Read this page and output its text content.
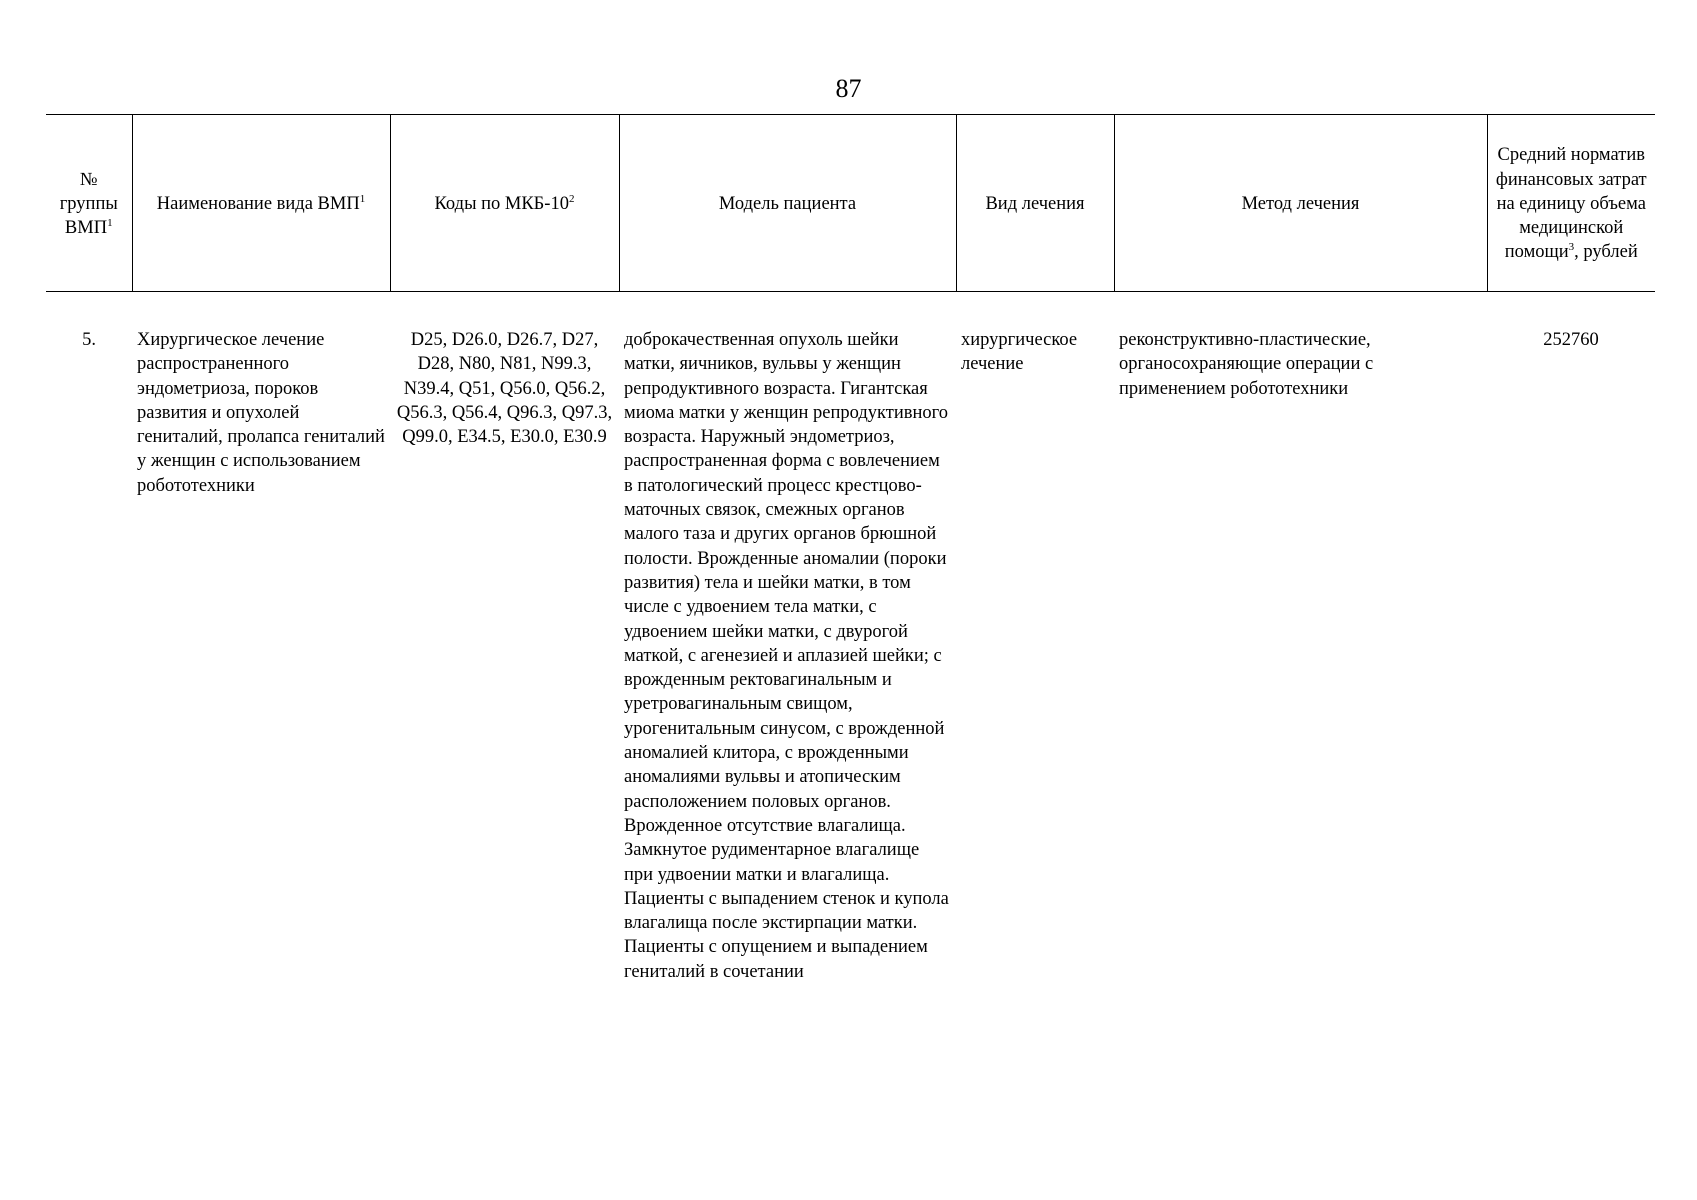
87
№ группы ВМП$^1$	Наименование вида ВМП$^1$	Коды по МКБ-$10^2$	Модель пациента	Вид лечения	Метод лечения	Средний норматив финансовых затрат на единицу объема медицинской помощи$^3$, рублей
5.	Хирургическое лечение распространенного эндометриоза, пороков развития и опухолей гениталий, пролапса гениталий у женщин с использованием робототехники	D25, D26.0, D26.7, D27, D28, N80, N81, N99.3, N39.4, Q51, Q56.0, Q56.2, Q56.3, Q56.4, Q96.3, Q97.3, Q99.0, E34.5, E30.0, E30.9	доброкачественная опухоль шейки матки, яичников, вульвы у женщин репродуктивного возраста. Гигантская миома матки у женщин репродуктивного возраста. Наружный эндометриоз, распространенная форма с вовлечением в патологический процесс крестцово-маточных связок, смежных органов малого таза и других органов брюшной полости. Врожденные аномалии (пороки развития) тела и шейки матки, в том числе с удвоением тела матки, с удвоением шейки матки, с двурогой маткой, с агенезией и аплазией шейки; с врожденным ректовагинальным и уретровагинальным свищом, урогенитальным синусом, с врожденной аномалией клитора, с врожденными аномалиями вульвы и атопическим расположением половых органов. Врожденное отсутствие влагалища. Замкнутое рудиментарное влагалище при удвоении матки и влагалища. Пациенты с выпадением стенок и купола влагалища после экстирпации матки. Пациенты с опущением и выпадением гениталий в сочетании	хирургическое лечение	реконструктивно-пластические, органосохраняющие операции с применением робототехники	252760
